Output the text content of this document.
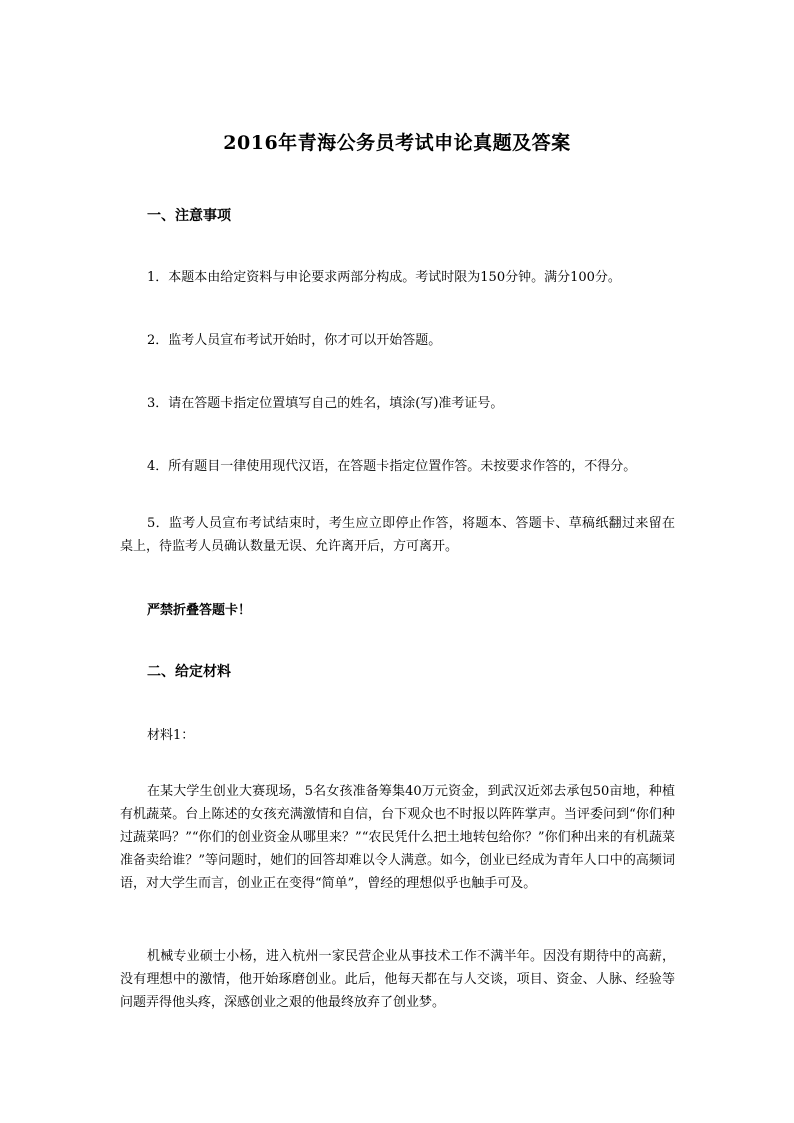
2016年青海公务员考试申论真题及答案
一、注意事项
1．本题本由给定资料与申论要求两部分构成。考试时限为150分钟。满分100分。
2．监考人员宣布考试开始时，你才可以开始答题。
3．请在答题卡指定位置填写自己的姓名，填涂(写)准考证号。
4．所有题目一律使用现代汉语，在答题卡指定位置作答。未按要求作答的，不得分。
5．监考人员宣布考试结束时，考生应立即停止作答，将题本、答题卡、草稿纸翻过来留在桌上，待监考人员确认数量无误、允许离开后，方可离开。
严禁折叠答题卡！
二、给定材料
材料1：
在某大学生创业大赛现场，5名女孩准备筹集40万元资金，到武汉近郊去承包50亩地，种植有机蔬菜。台上陈述的女孩充满激情和自信，台下观众也不时报以阵阵掌声。当评委问到“你们种过蔬菜吗？”“你们的创业资金从哪里来？”“农民凭什么把土地转包给你？”你们种出来的有机蔬菜准备卖给谁？”等问题时，她们的回答却难以令人满意。如今，创业已经成为青年人口中的高频词语，对大学生而言，创业正在变得“简单”，曾经的理想似乎也触手可及。
机械专业硕士小杨，进入杭州一家民营企业从事技术工作不满半年。因没有期待中的高薪，没有理想中的激情，他开始琢磨创业。此后，他每天都在与人交谈，项目、资金、人脉、经验等问题弄得他头疼，深感创业之艰的他最终放弃了创业梦。
